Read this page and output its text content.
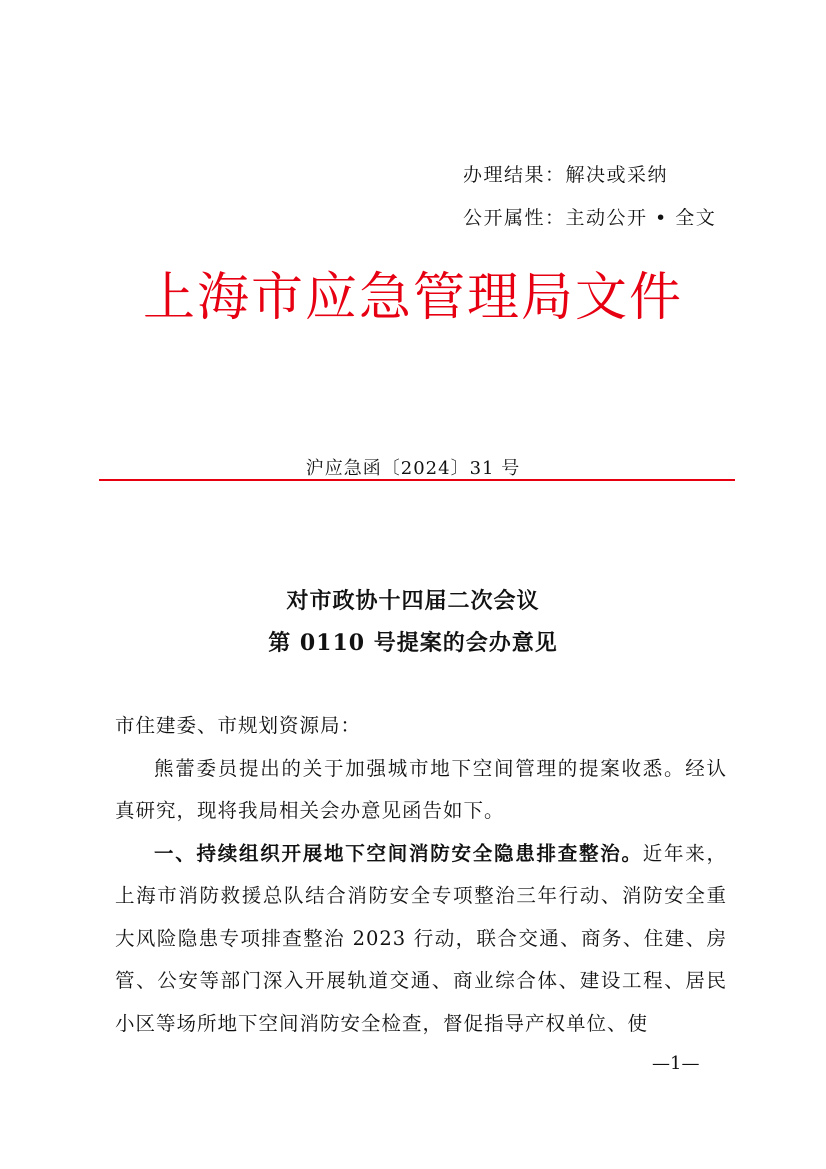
办理结果：解决或采纳
公开属性：主动公开 • 全文
上海市应急管理局文件
沪应急函〔2024〕31 号
对市政协十四届二次会议
第 0110 号提案的会办意见

市住建委、市规划资源局：

熊蕾委员提出的关于加强城市地下空间管理的提案收悉。经认真研究，现将我局相关会办意见函告如下。

一、持续组织开展地下空间消防安全隐患排查整治。近年来，上海市消防救援总队结合消防安全专项整治三年行动、消防安全重大风险隐患专项排查整治 2023 行动，联合交通、商务、住建、房管、公安等部门深入开展轨道交通、商业综合体、建设工程、居民小区等场所地下空间消防安全检查，督促指导产权单位、使

—1—
